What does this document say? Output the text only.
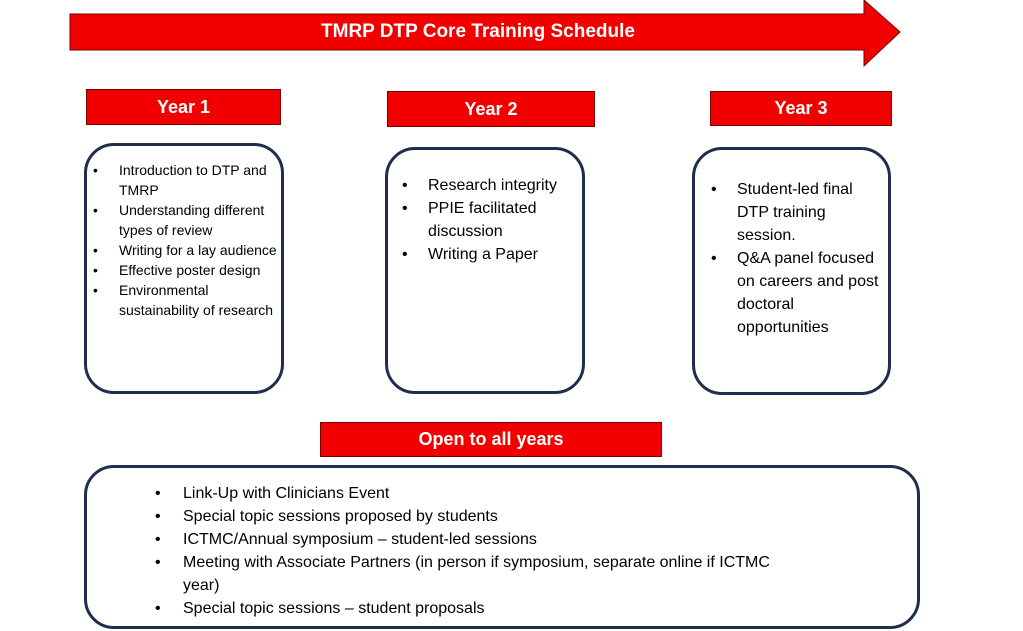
TMRP DTP Core Training Schedule
Year 1	Year 2	Year 3
• Introduction to DTP and TMRP
• Understanding different types of review
• Writing for a lay audience
• Effective poster design
• Environmental sustainability of research
• Research integrity
• PPIE facilitated discussion
• Writing a Paper
• Student-led final DTP training session.
• Q&A panel focused on careers and post doctoral opportunities
Open to all years
• Link-Up with Clinicians Event
• Special topic sessions proposed by students
• ICTMC/Annual symposium – student-led sessions
• Meeting with Associate Partners (in person if symposium, separate online if ICTMC year)
• Special topic sessions – student proposals
